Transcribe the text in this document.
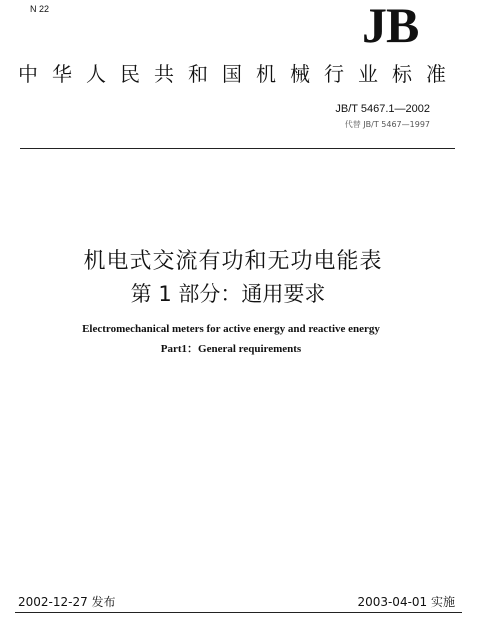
N 22	JB
中华人民共和国机械行业标准
JB/T 5467.1—2002
代替 JB/T 5467—1997
机电式交流有功和无功电能表
第 1 部分：通用要求
Electromechanical meters for active energy and reactive energy
Part1：General requirements
2002-12-27 发布	2003-04-01 实施
